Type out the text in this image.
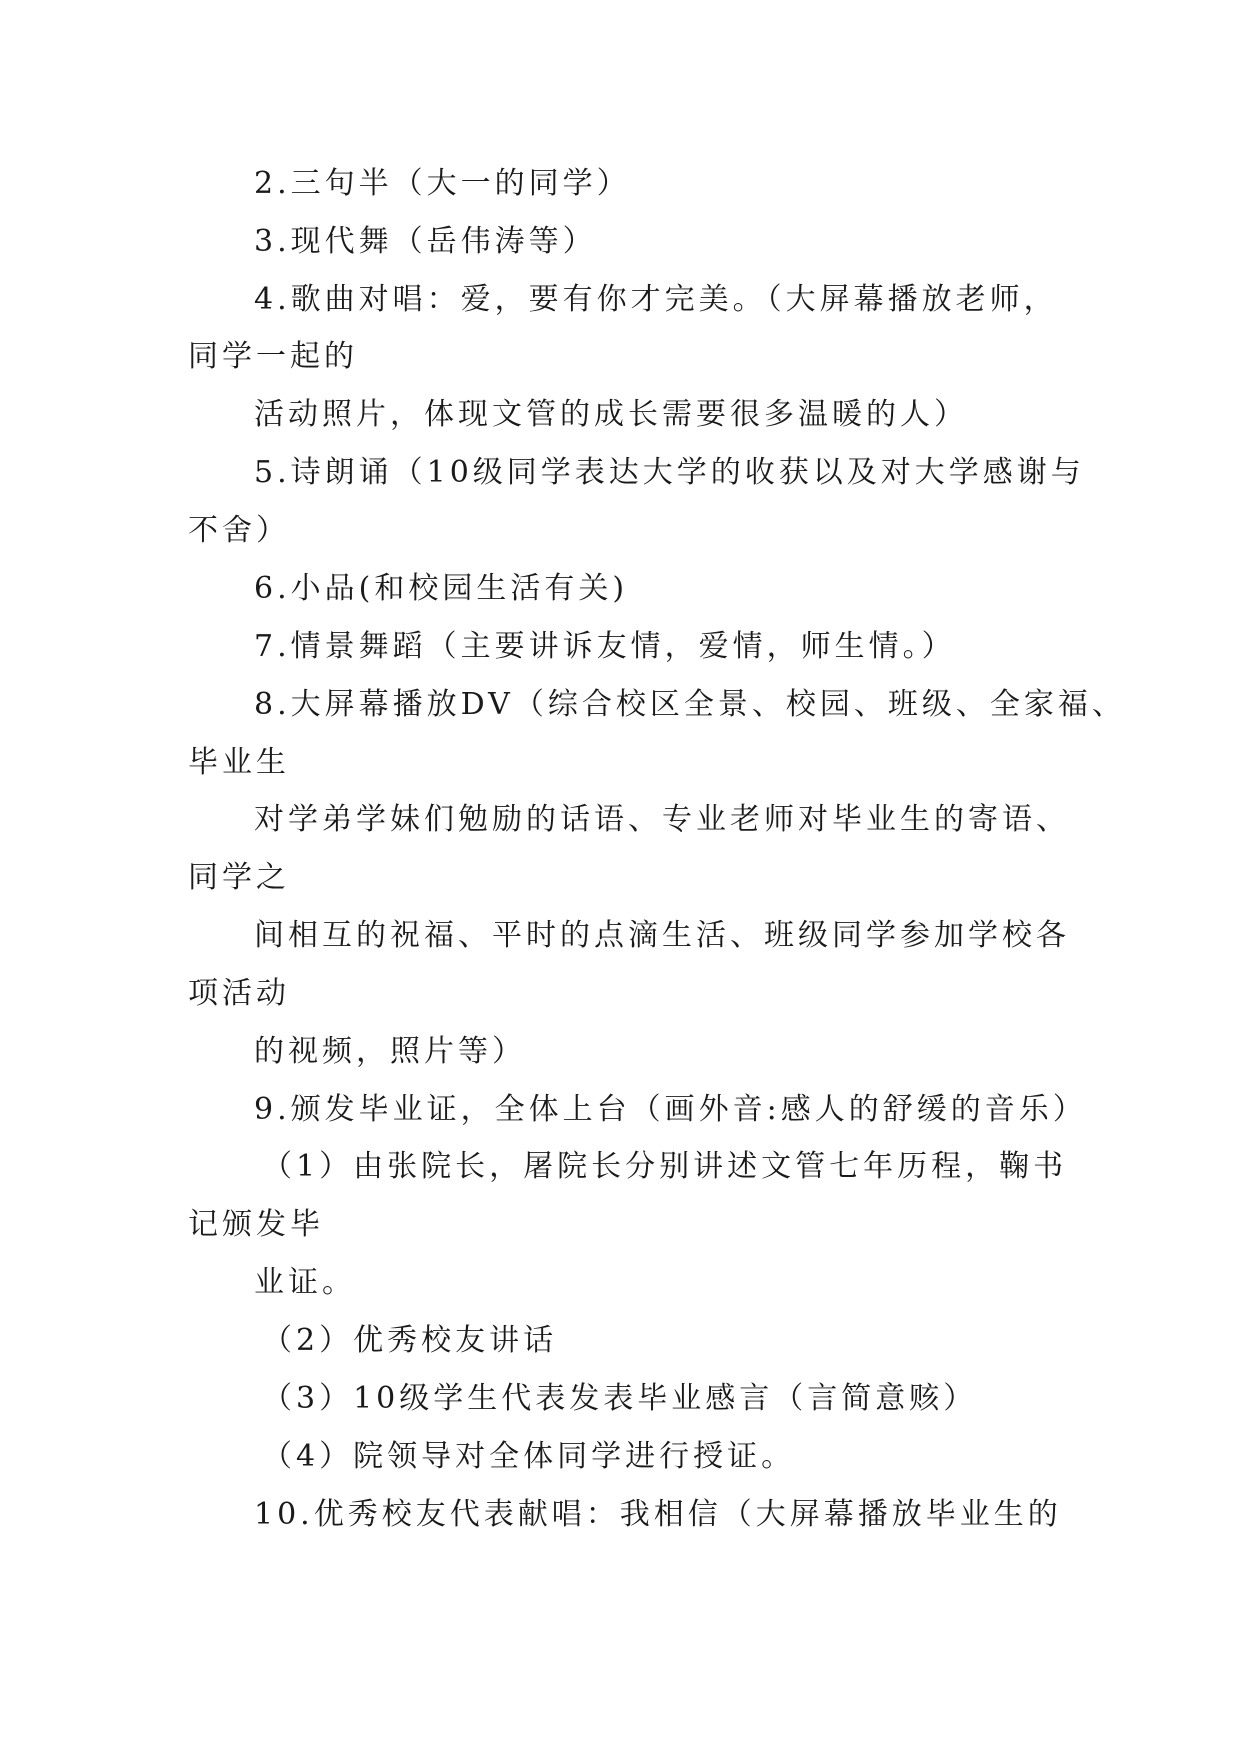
2.三句半（大一的同学）
3.现代舞（岳伟涛等）
4.歌曲对唱：爱，要有你才完美。（大屏幕播放老师，
同学一起的
活动照片，体现文管的成长需要很多温暖的人）
5.诗朗诵（10级同学表达大学的收获以及对大学感谢与
不舍）
6.小品(和校园生活有关)
7.情景舞蹈（主要讲诉友情，爱情，师生情。）
8.大屏幕播放DV（综合校区全景、校园、班级、全家福、
毕业生
对学弟学妹们勉励的话语、专业老师对毕业生的寄语、
同学之
间相互的祝福、平时的点滴生活、班级同学参加学校各
项活动
的视频，照片等）
9.颁发毕业证，全体上台（画外音:感人的舒缓的音乐）
（1）由张院长，屠院长分别讲述文管七年历程，鞠书
记颁发毕
业证。
（2）优秀校友讲话
（3）10级学生代表发表毕业感言（言简意赅）
（4）院领导对全体同学进行授证。
10.优秀校友代表献唱：我相信（大屏幕播放毕业生的
